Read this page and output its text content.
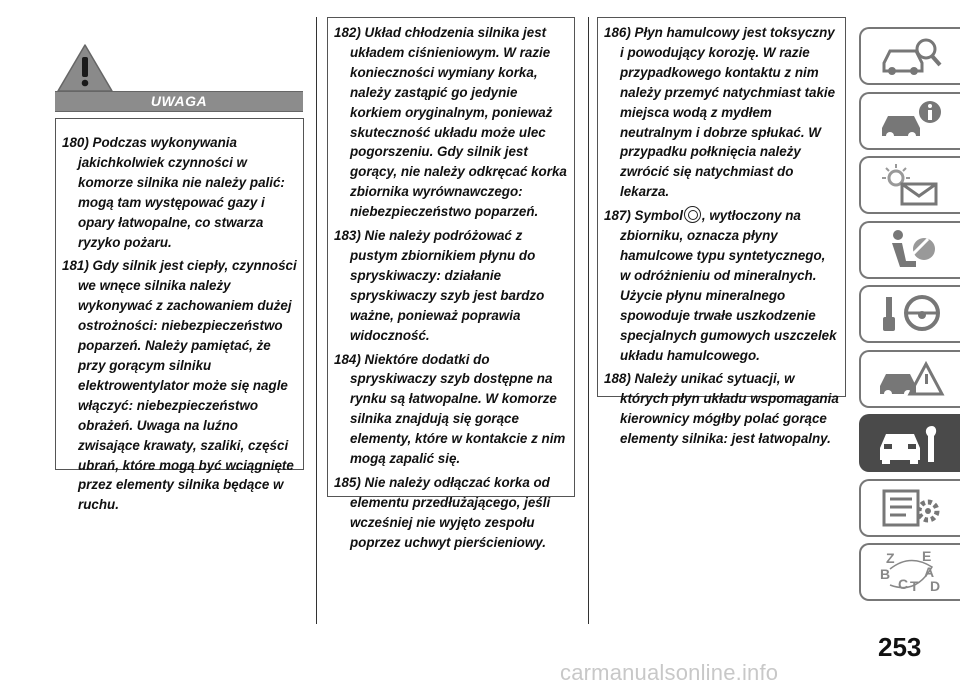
UWAGA
180) Podczas wykonywania jakichkolwiek czynności w komorze silnika nie należy palić: mogą tam występować gazy i opary łatwopalne, co stwarza ryzyko pożaru.
181) Gdy silnik jest ciepły, czynności we wnęce silnika należy wykonywać z zachowaniem dużej ostrożności: niebezpieczeństwo poparzeń. Należy pamiętać, że przy gorącym silniku elektrowentylator może się nagle włączyć: niebezpieczeństwo obrażeń. Uwaga na luźno zwisające krawaty, szaliki, części ubrań, które mogą być wciągnięte przez elementy silnika będące w ruchu.
182) Układ chłodzenia silnika jest układem ciśnieniowym. W razie konieczności wymiany korka, należy zastąpić go jedynie korkiem oryginalnym, ponieważ skuteczność układu może ulec pogorszeniu. Gdy silnik jest gorący, nie należy odkręcać korka zbiornika wyrównawczego: niebezpieczeństwo poparzeń.
183) Nie należy podróżować z pustym zbiornikiem płynu do spryskiwaczy: działanie spryskiwaczy szyb jest bardzo ważne, ponieważ poprawia widoczność.
184) Niektóre dodatki do spryskiwaczy szyb dostępne na rynku są łatwopalne. W komorze silnika znajdują się gorące elementy, które w kontakcie z nim mogą zapalić się.
185) Nie należy odłączać korka od elementu przedłużającego, jeśli wcześniej nie wyjęto zespołu poprzez uchwyt pierścieniowy.
186) Płyn hamulcowy jest toksyczny i powodujący korozję. W razie przypadkowego kontaktu z nim należy przemyć natychmiast takie miejsca wodą z mydłem neutralnym i dobrze spłukać. W przypadku połknięcia należy zwrócić się natychmiast do lekarza.
187) Symbol , wytłoczony na zbiorniku, oznacza płyny hamulcowe typu syntetycznego, w odróżnieniu od mineralnych. Użycie płynu mineralnego spowoduje trwałe uszkodzenie specjalnych gumowych uszczelek układu hamulcowego.
188) Należy unikać sytuacji, w których płyn układu wspomagania kierownicy mógłby polać gorące elementy silnika: jest łatwopalny.
Z E
B A
C D
T
253
carmanualsonline.info
